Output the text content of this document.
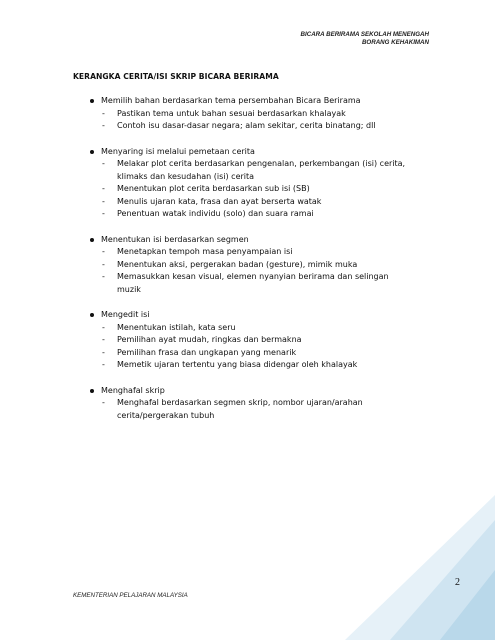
BICARA BERIRAMA SEKOLAH MENENGAH
BORANG KEHAKIMAN
KERANGKA CERITA/ISI SKRIP BICARA BERIRAMA
Memilih bahan berdasarkan tema persembahan Bicara Berirama
- Pastikan tema untuk bahan sesuai berdasarkan khalayak
- Contoh isu dasar-dasar negara; alam sekitar, cerita binatang; dll
Menyaring isi melalui pemetaan cerita
- Melakar plot cerita berdasarkan pengenalan, perkembangan (isi) cerita,
klimaks dan kesudahan (isi) cerita
- Menentukan plot cerita berdasarkan sub isi (SB)
- Menulis ujaran kata, frasa dan ayat berserta watak
- Penentuan watak individu (solo) dan suara ramai
Menentukan isi berdasarkan segmen
- Menetapkan tempoh masa penyampaian isi
- Menentukan aksi, pergerakan badan (gesture), mimik muka
- Memasukkan kesan visual, elemen nyanyian berirama dan selingan muzik
Mengedit isi
- Menentukan istilah, kata seru
- Pemilihan ayat mudah, ringkas dan bermakna
- Pemilihan frasa dan ungkapan yang menarik
- Memetik ujaran tertentu yang biasa didengar oleh khalayak
Menghafal skrip
- Menghafal berdasarkan segmen skrip, nombor ujaran/arahan
cerita/pergerakan tubuh
2
KEMENTERIAN PELAJARAN MALAYSIA
